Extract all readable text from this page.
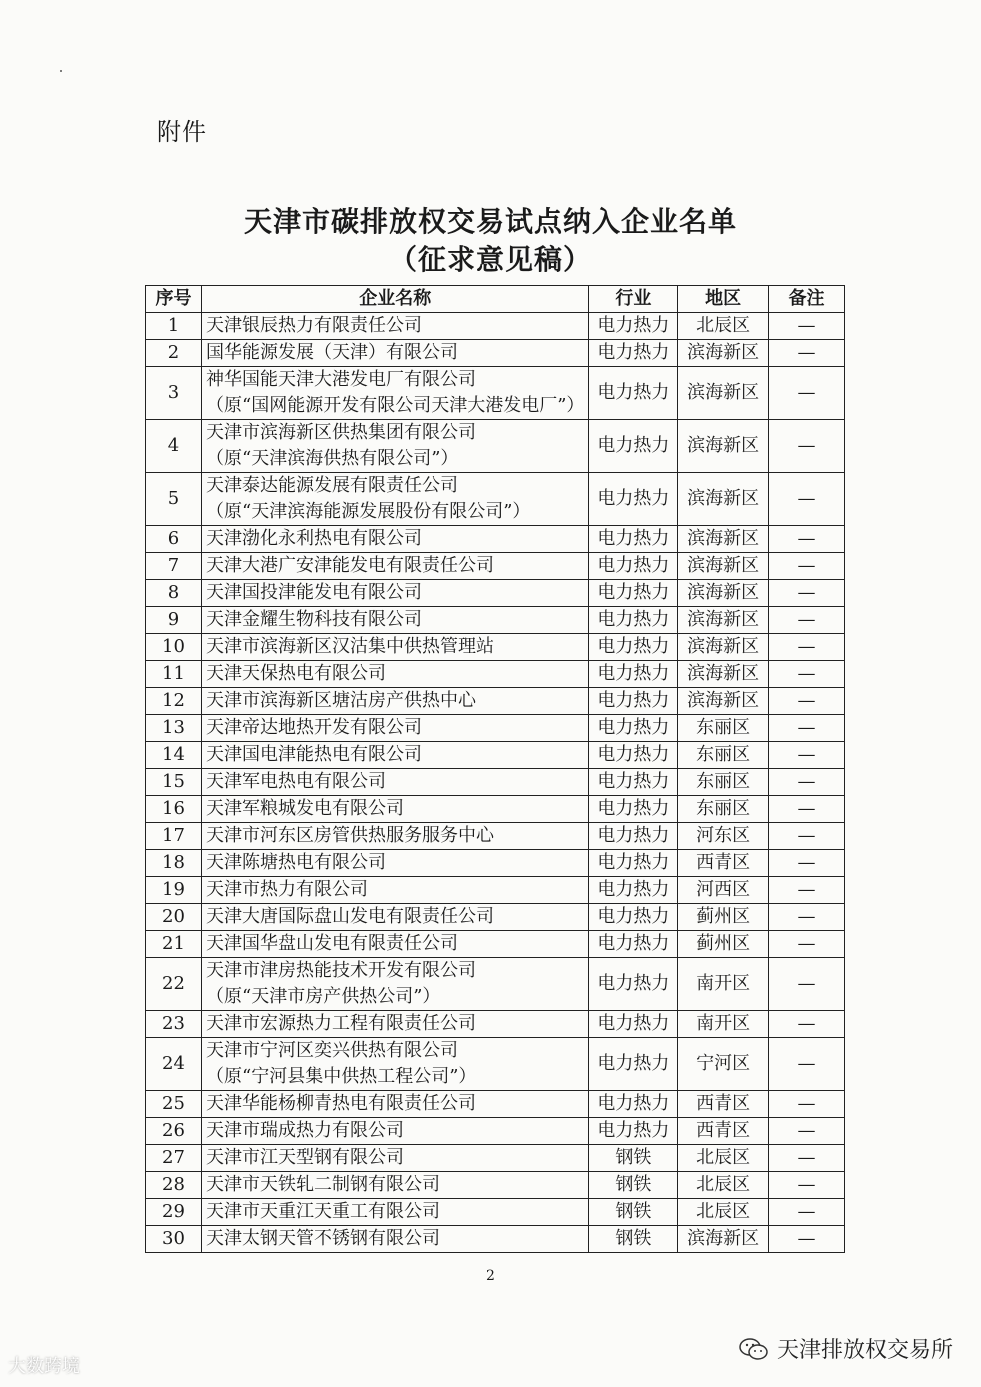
附件
天津市碳排放权交易试点纳入企业名单
（征求意见稿）
序号	企业名称	行业	地区	备注
1	天津银辰热力有限责任公司	电力热力	北辰区	—
2	国华能源发展（天津）有限公司	电力热力	滨海新区	—
3	神华国能天津大港发电厂有限公司
（原“国网能源开发有限公司天津大港发电厂”）	电力热力	滨海新区	—
4	天津市滨海新区供热集团有限公司
（原“天津滨海供热有限公司”）	电力热力	滨海新区	—
5	天津泰达能源发展有限责任公司
（原“天津滨海能源发展股份有限公司”）	电力热力	滨海新区	—
6	天津渤化永利热电有限公司	电力热力	滨海新区	—
7	天津大港广安津能发电有限责任公司	电力热力	滨海新区	—
8	天津国投津能发电有限公司	电力热力	滨海新区	—
9	天津金耀生物科技有限公司	电力热力	滨海新区	—
10	天津市滨海新区汉沽集中供热管理站	电力热力	滨海新区	—
11	天津天保热电有限公司	电力热力	滨海新区	—
12	天津市滨海新区塘沽房产供热中心	电力热力	滨海新区	—
13	天津帝达地热开发有限公司	电力热力	东丽区	—
14	天津国电津能热电有限公司	电力热力	东丽区	—
15	天津军电热电有限公司	电力热力	东丽区	—
16	天津军粮城发电有限公司	电力热力	东丽区	—
17	天津市河东区房管供热服务服务中心	电力热力	河东区	—
18	天津陈塘热电有限公司	电力热力	西青区	—
19	天津市热力有限公司	电力热力	河西区	—
20	天津大唐国际盘山发电有限责任公司	电力热力	蓟州区	—
21	天津国华盘山发电有限责任公司	电力热力	蓟州区	—
22	天津市津房热能技术开发有限公司
（原“天津市房产供热公司”）	电力热力	南开区	—
23	天津市宏源热力工程有限责任公司	电力热力	南开区	—
24	天津市宁河区奕兴供热有限公司
（原“宁河县集中供热工程公司”）	电力热力	宁河区	—
25	天津华能杨柳青热电有限责任公司	电力热力	西青区	—
26	天津市瑞成热力有限公司	电力热力	西青区	—
27	天津市江天型钢有限公司	钢铁	北辰区	—
28	天津市天铁轧二制钢有限公司	钢铁	北辰区	—
29	天津市天重江天重工有限公司	钢铁	北辰区	—
30	天津太钢天管不锈钢有限公司	钢铁	滨海新区	—
2
大数跨境
天津排放权交易所
